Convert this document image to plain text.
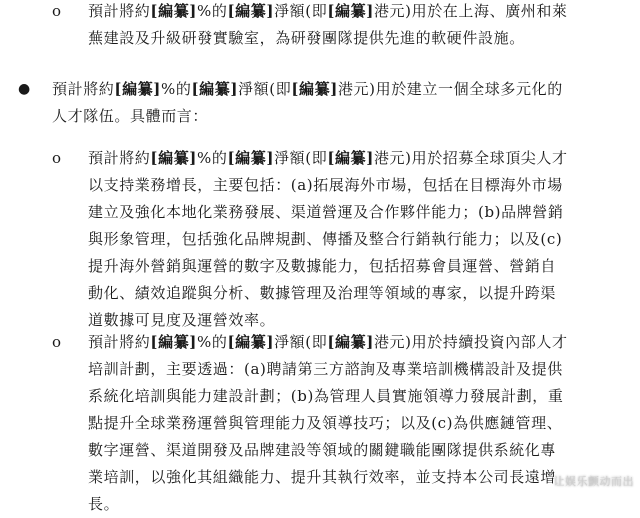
o 預計將約[編纂]%的[編纂]淨額(即[編纂]港元)用於在上海、廣州和萊
蕪建設及升級研發實驗室，為研發團隊提供先進的軟硬件設施。
● 預計將約[編纂]%的[編纂]淨額(即[編纂]港元)用於建立一個全球多元化的
人才隊伍。具體而言：
o 預計將約[編纂]%的[編纂]淨額(即[編纂]港元)用於招募全球頂尖人才
以支持業務增長，主要包括：(a)拓展海外市場，包括在目標海外市場
建立及強化本地化業務發展、渠道營運及合作夥伴能力；(b)品牌營銷
與形象管理，包括強化品牌規劃、傳播及整合行銷執行能力；以及(c)
提升海外營銷與運營的數字及數據能力，包括招募會員運營、營銷自
動化、績效追蹤與分析、數據管理及治理等領域的專家，以提升跨渠
道數據可見度及運營效率。
o 預計將約[編纂]%的[編纂]淨額(即[編纂]港元)用於持續投資內部人才
培訓計劃，主要透過：(a)聘請第三方諮詢及專業培訓機構設計及提供
系統化培訓與能力建設計劃；(b)為管理人員實施領導力發展計劃，重
點提升全球業務運營與管理能力及領導技巧；以及(c)為供應鏈管理、
數字運營、渠道開發及品牌建設等領域的關鍵職能團隊提供系統化專
業培訓，以強化其組織能力、提升其執行效率，並支持本公司長遠增
長。
让娱乐颤动而出
